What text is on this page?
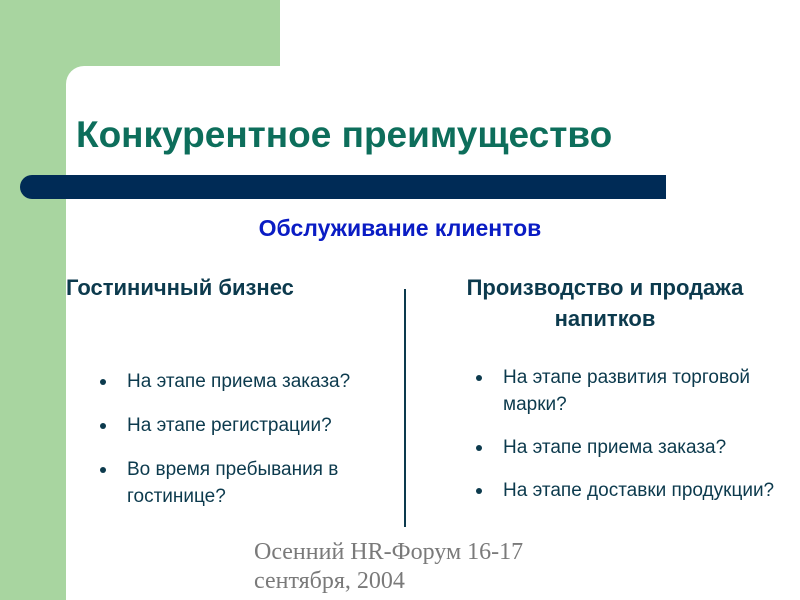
Конкурентное преимущество
Обслуживание клиентов
Гостиничный бизнес	Производство и продажа напитков
На этапе приема заказа?
На этапе регистрации?
Во время пребывания в гостинице?
На этапе развития торговой марки?
На этапе приема заказа?
На этапе доставки продукции?
Осенний HR-Форум 16-17
сентября, 2004
